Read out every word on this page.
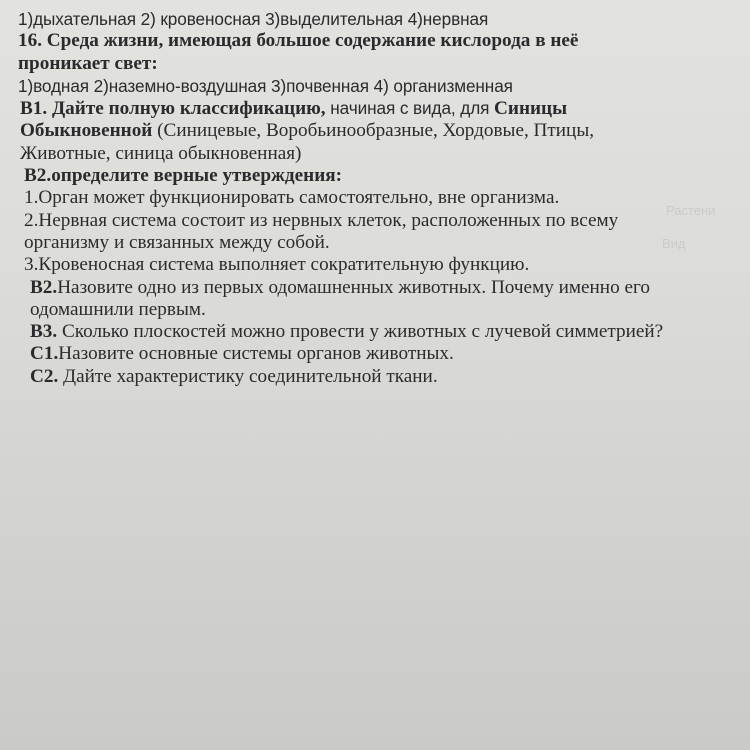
Растени
Вид

1)дыхательная 2) кровеносная 3)выделительная 4)нервная

16. Среда жизни, имеющая большое содержание кислорода в неё

проникает свет:

1)водная 2)наземно-воздушная 3)почвенная 4) организменная

В1. Дайте полную классификацию, начиная с вида, для Синицы

Обыкновенной (Синицевые, Воробьинообразные, Хордовые, Птицы,

Животные, синица обыкновенная)

В2.определите верные утверждения:

1.Орган может функционировать самостоятельно, вне организма.

2.Нервная система состоит из нервных клеток, расположенных по всему

организму и связанных между собой.

3.Кровеносная система выполняет сократительную функцию.

В2.Назовите одно из первых одомашненных животных. Почему именно его

одомашнили первым.

В3. Сколько плоскостей можно провести у животных с лучевой симметрией?

С1.Назовите основные системы органов животных.

С2. Дайте характеристику соединительной ткани.
